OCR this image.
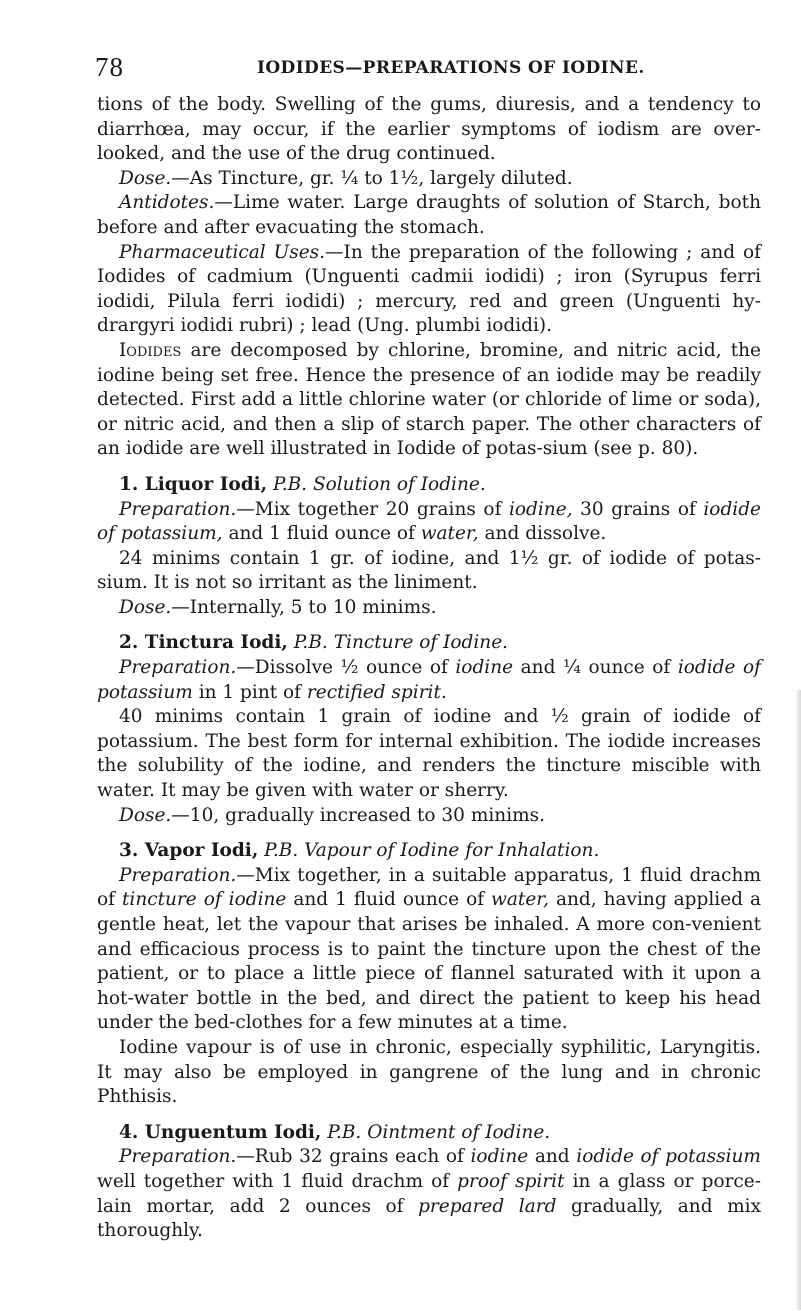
78	IODIDES—PREPARATIONS OF IODINE.

tions of the body. Swelling of the gums, diuresis, and a tendency to diarrhœa, may occur, if the earlier symptoms of iodism are over-looked, and the use of the drug continued.

Dose.—As Tincture, gr. ¼ to 1½, largely diluted.

Antidotes.—Lime water. Large draughts of solution of Starch, both before and after evacuating the stomach.

Pharmaceutical Uses.—In the preparation of the following ; and of Iodides of cadmium (Unguenti cadmii iodidi) ; iron (Syrupus ferri iodidi, Pilula ferri iodidi) ; mercury, red and green (Unguenti hy-drargyri iodidi rubri) ; lead (Ung. plumbi iodidi).

Iodides are decomposed by chlorine, bromine, and nitric acid, the iodine being set free. Hence the presence of an iodide may be readily detected. First add a little chlorine water (or chloride of lime or soda), or nitric acid, and then a slip of starch paper. The other characters of an iodide are well illustrated in Iodide of potas-sium (see p. 80).

1. Liquor Iodi, P.B. Solution of Iodine.

Preparation.—Mix together 20 grains of iodine, 30 grains of iodide of potassium, and 1 fluid ounce of water, and dissolve.

24 minims contain 1 gr. of iodine, and 1½ gr. of iodide of potas-sium. It is not so irritant as the liniment.

Dose.—Internally, 5 to 10 minims.

2. Tinctura Iodi, P.B. Tincture of Iodine.

Preparation.—Dissolve ½ ounce of iodine and ¼ ounce of iodide of potassium in 1 pint of rectified spirit.

40 minims contain 1 grain of iodine and ½ grain of iodide of potassium. The best form for internal exhibition. The iodide increases the solubility of the iodine, and renders the tincture miscible with water. It may be given with water or sherry.

Dose.—10, gradually increased to 30 minims.

3. Vapor Iodi, P.B. Vapour of Iodine for Inhalation.

Preparation.—Mix together, in a suitable apparatus, 1 fluid drachm of tincture of iodine and 1 fluid ounce of water, and, having applied a gentle heat, let the vapour that arises be inhaled. A more con-venient and efficacious process is to paint the tincture upon the chest of the patient, or to place a little piece of flannel saturated with it upon a hot-water bottle in the bed, and direct the patient to keep his head under the bed-clothes for a few minutes at a time.

Iodine vapour is of use in chronic, especially syphilitic, Laryngitis. It may also be employed in gangrene of the lung and in chronic Phthisis.

4. Unguentum Iodi, P.B. Ointment of Iodine.

Preparation.—Rub 32 grains each of iodine and iodide of potassium well together with 1 fluid drachm of proof spirit in a glass or porce-lain mortar, add 2 ounces of prepared lard gradually, and mix thoroughly.
